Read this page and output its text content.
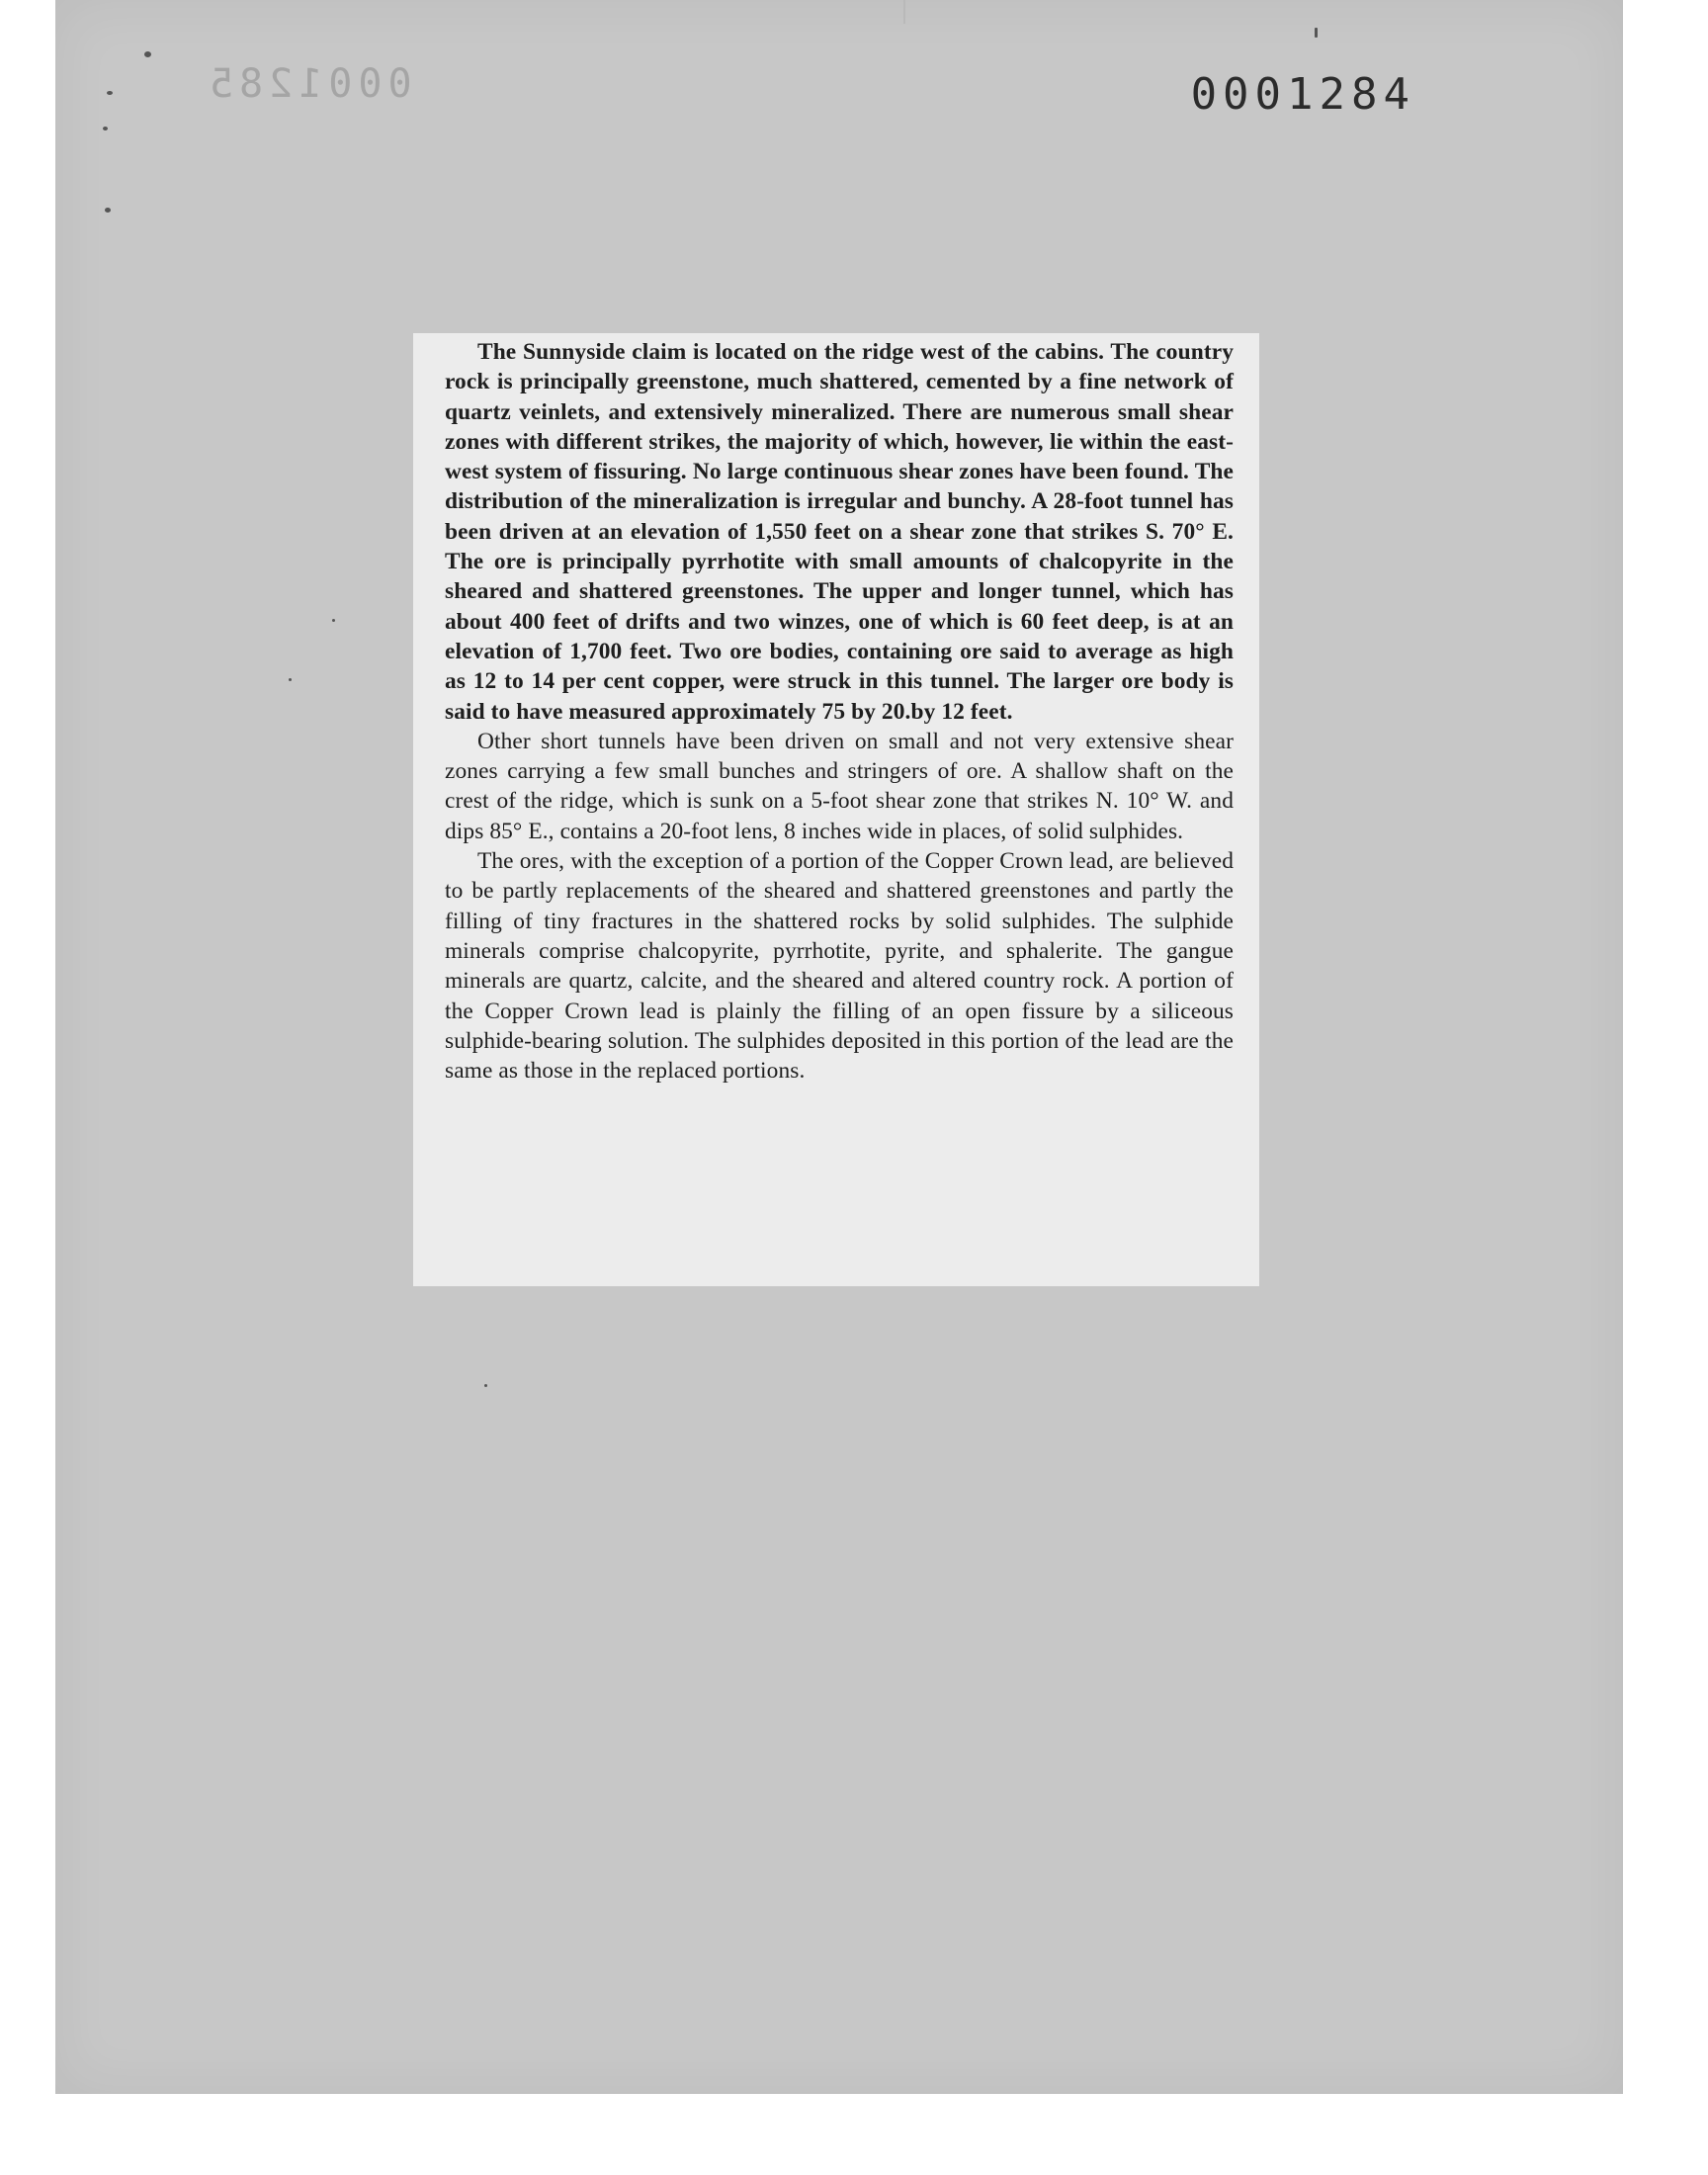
0001285	0001284

The Sunnyside claim is located on the ridge west of the cabins. The country rock is principally greenstone, much shattered, cemented by a fine network of quartz veinlets, and extensively mineralized. There are numerous small shear zones with different strikes, the majority of which, however, lie within the east-west system of fissuring. No large continuous shear zones have been found. The distribution of the mineralization is irregular and bunchy. A 28-foot tunnel has been driven at an elevation of 1,550 feet on a shear zone that strikes S. 70° E. The ore is principally pyrrhotite with small amounts of chalcopyrite in the sheared and shattered greenstones. The upper and longer tunnel, which has about 400 feet of drifts and two winzes, one of which is 60 feet deep, is at an elevation of 1,700 feet. Two ore bodies, containing ore said to average as high as 12 to 14 per cent copper, were struck in this tunnel. The larger ore body is said to have measured approximately 75 by 20.by 12 feet.

Other short tunnels have been driven on small and not very extensive shear zones carrying a few small bunches and stringers of ore. A shallow shaft on the crest of the ridge, which is sunk on a 5-foot shear zone that strikes N. 10° W. and dips 85° E., contains a 20-foot lens, 8 inches wide in places, of solid sulphides.

The ores, with the exception of a portion of the Copper Crown lead, are believed to be partly replacements of the sheared and shattered greenstones and partly the filling of tiny fractures in the shattered rocks by solid sulphides. The sulphide minerals comprise chalcopyrite, pyrrhotite, pyrite, and sphalerite. The gangue minerals are quartz, calcite, and the sheared and altered country rock. A portion of the Copper Crown lead is plainly the filling of an open fissure by a siliceous sulphide-bearing solution. The sulphides deposited in this portion of the lead are the same as those in the replaced portions.
